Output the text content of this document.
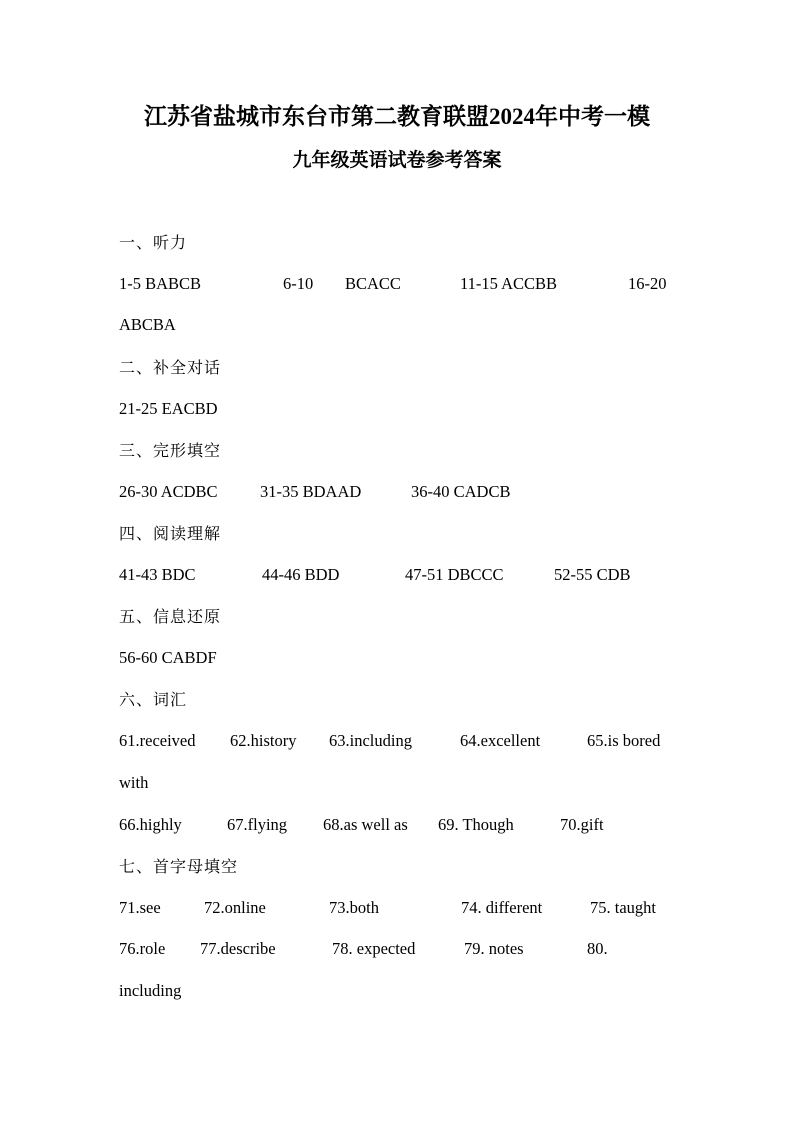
江苏省盐城市东台市第二教育联盟2024年中考一模
九年级英语试卷参考答案
一、听力
1-5 BABCB	6-10 BCACC	11-15 ACCBB	16-20
ABCBA
二、补全对话
21-25 EACBD
三、完形填空
26-30 ACDBC	31-35 BDAAD	36-40 CADCB
四、阅读理解
41-43 BDC	44-46 BDD	47-51 DBCCC	52-55 CDB
五、信息还原
56-60 CABDF
六、词汇
61.received 62.history 63.including	64.excellent	65.is bored
with
66.highly	67.flying 68.as well as 69. Though	70.gift
七、首字母填空
71.see	72.online	73.both	74. different	75. taught
76.role 77.describe	78. expected	79. notes	80.
including
